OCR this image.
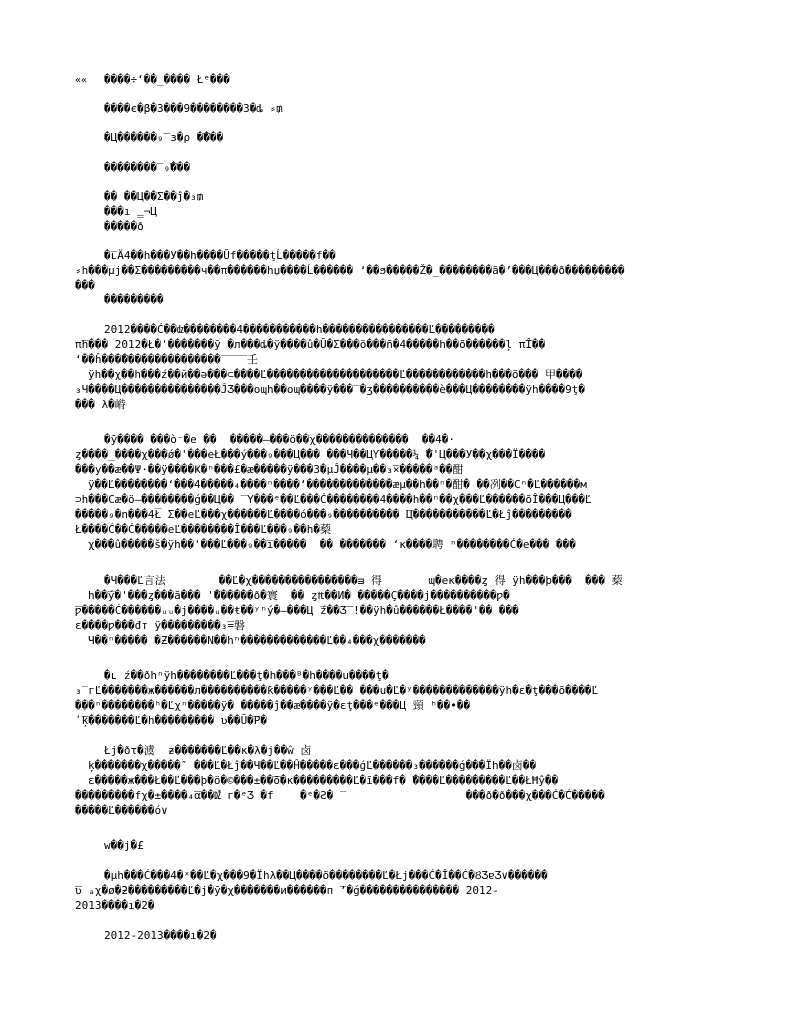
«« ����÷ʻ��_���� Łᵉ���
����є�β�3���9��������3�ȡ ⸗₥
�Ц������₉̅̅̅̅ ɜ�ρ �̅̅̅̅̅̅̅̅���
��������̅ ₉̅̅���
�� ��Ц��Ʃ��ĵ�₃₥
���ı ‗¬Ц
�����ð
�ʟ̅Ӓ4��h���У��h����Ŭf�����ţĹ�����f��
⸗h���µj��Ʃ���������ч��π������hџ����Ĺ������ ʻ��ϧ�����Ž�_��������ã�’���Ц���ð���������
���
���������
2012����Ć��ǳ��������4�����������h����������������Ľ���������
π̅̅̅h��� 2012�Ł�'�������ӯ �л���ȡ�ÿ����û�Ū�Ʃ���õ���ñ�4�����h��õ������ļ π̅̅Î��
ʻ��ĥ���̅���������������̅ ̅ ̅ ̅ 壬
ÿh��χ��h���ź��й��ə���⊂����Ľ��������������������Ľ������������h���õ��� 甲����
₃Ч����Ц���������������ĴƷ���օɰh��օɰ����ÿ���̅ �ʒ����������è���Ц��������ÿh����9ţ�
��� λ�崻
�ӯ���� ���ò⁻�e ��  �����–���ö��χ��������������  ��4�·
ȥ����_����χ���ǿ�'���eŁ���ý���₉���Ц��� ���Ч��ЦƳ�����¼ ̅̅̅̅̅̅�'Ц���У��χ���Ï����
���у��æ��Ψ·��ÿ����Ҝ�ⁿ���£�æ�����ÿ���3�µĴ����µ��₃̅̅̅×�����ᵃ��酣
ÿ��Ľ��������ʻ���4�����₄����ⁿ����ʻ�������������æµ��h��ⁿ�酣� ��冽��Cⁿ�Ľ������м
⊃h���Cæ�ö–��������ǵ��Ц�� ̅ Y���ᵉ��Ľ���Ć��������4����h��ⁿ��χ���Ľ������õÎ���Ц���Ľ
�����₉�n���4Ł̅ Ʃ��eĽ���χ������Ľ����ó���₉���������� ̅̅̅Ц�����������Ľ�Łĵ���������
Ł����Ć��Ć�����eĽ��������Î���Ľ���₉��h�蔾
χ���û�����š�ÿh��'���Ľ���₉��̅ı�����  �� ������� ʻκ����聘 ⁿ��������Ć�e��� ���
�Ч���Ľ言法        ��Ľ�χ����������������ᴟ 得       ɰ�eκ����ȥ 得 ÿh���þ���  ��� 蔾
h��̅ý�'���ȥ���ã��� '̅������ð�寰  �� ȥ₶��И� �����Ç����j����������ƿ�
̅̅̅̅ƿ�����Ć������ᵤᵤ�j����ᵤ��ŧ��ʸⁿý�–���Ц ̅ź��Ʒ̅̅̅ !��ÿh�û������Ł����'�� ���
ε����ƿ���đт ÿ���������₃̅̅̅̅̅=磐
Ч��ⁿ����� �Ƶ������N��hⁿ�������������Ľ��₄���χ�������
�ʟ ź��ðhⁿÿh��������Ľ���ţ�h���ᴮ�h����u����ţ�
₃̅ гĽ�������ж������л����������ƙ�����ʸ���Ľ�� ���u�Ľ�ʸ�������������ÿh�ε�ţ���õ����Ľ
���ⁿ��������ʰ�Ľχⁿ�����ÿ� �����ĵ��æ����ÿ�εţ���ᵉ���Ц 頸 ʰ��•��
ʹ̅̅̅ķ�������Ľ�h��������� ʋ��Ū�̅̅̅P�
Łj�ðτ�澞  ƶ�������Ľ��κ�λ�j��ŵ 卤
ķ�������χ�����″ ���Ľ�Łĵ��Ч��Ľ��Ĥ�����ε���ǵĽ������₃������ǵ���Ïh��卤��
ε�����ж���Ł��Ľ���þ�ö�©���±��̅̅̅̅̅õ�ĸ���������Ľ�ĩ���f� ̅����Ľ���������Ľ��ŁĦŷ��
���������fχ�±����₄̅̅̅α��Ǆ г�ᵉƷ �f    �ᵉ�Ƨ� ̅                   ���ð�ð���χ���Ć�̅Ć�����
�����Ľ������ó∨
w��j�£̅̅̅
�µh���Ć���4�ˣ��Ľ�χ���9�Ïhλ��Ц����õ��������Ľ�Łj���Ć�Î��Ć�ȢƷɐƷ∨������
ʋ̅̅̅̅̅̅ ₐχ�ø�ƻ���������Ľ�j�ӯ�χ�������и������п ̅̅̅’�ǵ��������������� 2012-
2013����ı�2�
2012-2013����ı�2�
